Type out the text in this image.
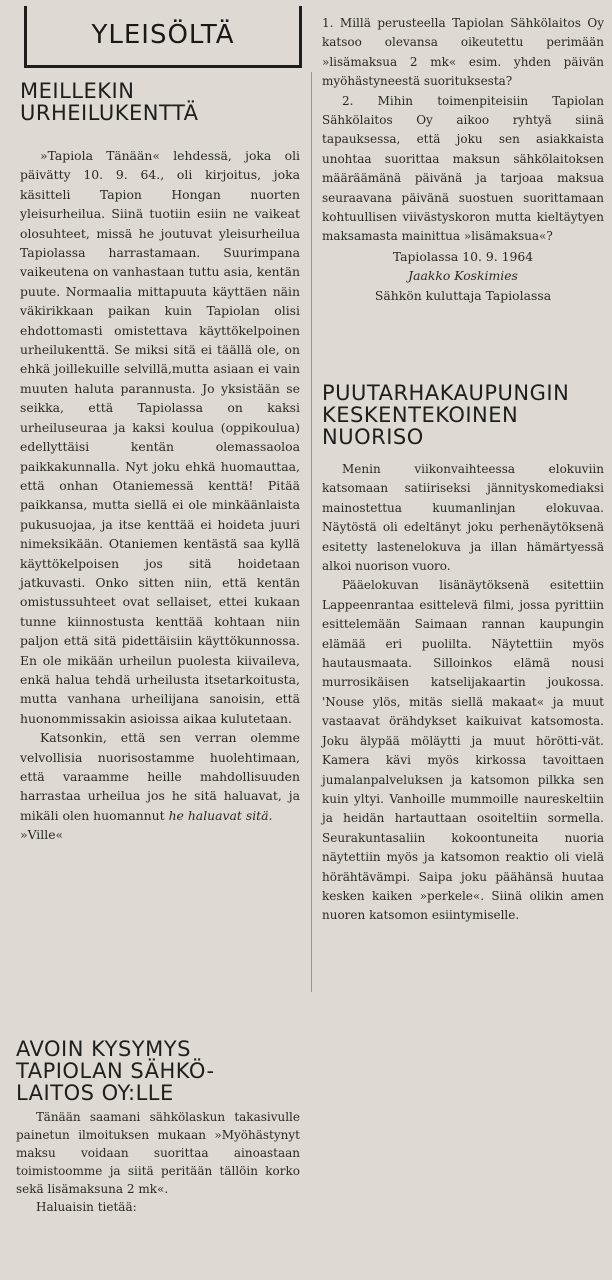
YLEISÖLTÄ
MEILLEKIN
URHEILUKENTTÄ

»Tapiola Tänään« lehdessä, joka oli päivätty 10. 9. 64., oli kirjoitus, joka käsitteli Tapion Hongan nuorten yleisurheilua. Siinä tuotiin esiin ne vaikeat olosuhteet, missä he joutuvat yleisurheilua Tapiolassa harrastamaan. Suurimpana vaikeutena on vanhastaan tuttu asia, kentän puute. Normaalia mittapuuta käyttäen näin väkirikkaan paikan kuin Tapiolan olisi ehdottomasti omistettava käyttökelpoinen urheilukenttä. Se miksi sitä ei täällä ole, on ehkä joillekuille selvillä,mutta asiaan ei vain muuten haluta parannusta. Jo yksistään se seikka, että Tapiolassa on kaksi urheiluseuraa ja kaksi koulua (oppikoulua) edellyttäisi kentän olemassaoloa paikkakunnalla. Nyt joku ehkä huomauttaa, että onhan Otaniemessä kenttä! Pitää paikkansa, mutta siellä ei ole minkäänlaista pukusuojaa, ja itse kenttää ei hoideta juuri nimeksikään. Otaniemen kentästä saa kyllä käyttökelpoisen jos sitä hoidetaan jatkuvasti. Onko sitten niin, että kentän omistussuhteet ovat sellaiset, ettei kukaan tunne kiinnostusta kenttää kohtaan niin paljon että sitä pidettäisiin käyttökunnossa. En ole mikään urheilun puolesta kiivaileva, enkä halua tehdä urheilusta itsetarkoitusta, mutta vanhana urheilijana sanoisin, että huonommissakin asioissa aikaa kulutetaan.

Katsonkin, että sen verran olemme velvollisia nuorisostamme huolehtimaan, että varaamme heille mahdollisuuden harrastaa urheilua jos he sitä haluavat, ja mikäli olen huomannut he haluavat sitä.

»Ville«

AVOIN KYSYMYS
TAPIOLAN SÄHKÖ-
LAITOS OY:LLE

1. Millä perusteella Tapiolan Sähkölaitos Oy katsoo olevansa oikeutettu perimään »lisämaksua 2 mk« esim. yhden päivän myöhästyneestä suorituksesta?

2. Mihin toimenpiteisiin Tapiolan Sähkölaitos Oy aikoo ryhtyä siinä tapauksessa, että joku sen asiakkaista unohtaa suorittaa maksun sähkölaitoksen määräämänä päivänä ja tarjoaa maksua seuraavana päivänä suostuen suorittamaan kohtuullisen viivästyskoron mutta kieltäytyen maksamasta mainittua »lisämaksua«?

Tapiolassa 10. 9. 1964
Jaakko Koskimies
Sähkön kuluttaja Tapiolassa
PUUTARHAKAUPUNGIN
KESKENTEKOINEN
NUORISO

Menin viikonvaihteessa elokuviin katsomaan satiiriseksi jännityskomediaksi mainostettua kuumanlinjan elokuvaa. Näytöstä oli edeltänyt joku perhenäytöksenä esitetty lastenelokuva ja illan hämärtyessä alkoi nuorison vuoro.

Pääelokuvan lisänäytöksenä esitettiin Lappeenrantaa esittelevä filmi, jossa pyrittiin esittelemään Saimaan rannan kaupungin elämää eri puolilta. Näytettiin myös hautausmaata. Silloinkos elämä nousi murrosikäisen katselijakaartin joukossa. 'Nouse ylös, mitäs siellä makaat« ja muut vastaavat örähdykset kaikuivat katsomosta. Joku älypää möläytti ja muut hörötti-vät. Kamera kävi myös kirkossa tavoittaen jumalanpalveluksen ja katsomon pilkka sen kuin yltyi. Vanhoille mummoille naureskeltiin ja heidän hartauttaan osoiteltiin sormella. Seurakuntasaliin kokoontuneita nuoria näytettiin myös ja katsomon reaktio oli vielä hörähtävämpi. Saipa joku päähänsä huutaa kesken kaiken »perkele«. Siinä olikin amen nuoren katsomon esiintymiselle.

Tänään saamani sähkölaskun takasivulle painetun ilmoituksen mukaan »Myöhästynyt maksu voidaan suorittaa ainoastaan toimistoomme ja siitä peritään tällöin korko sekä lisämaksuna 2 mk«.

Haluaisin tietää:
